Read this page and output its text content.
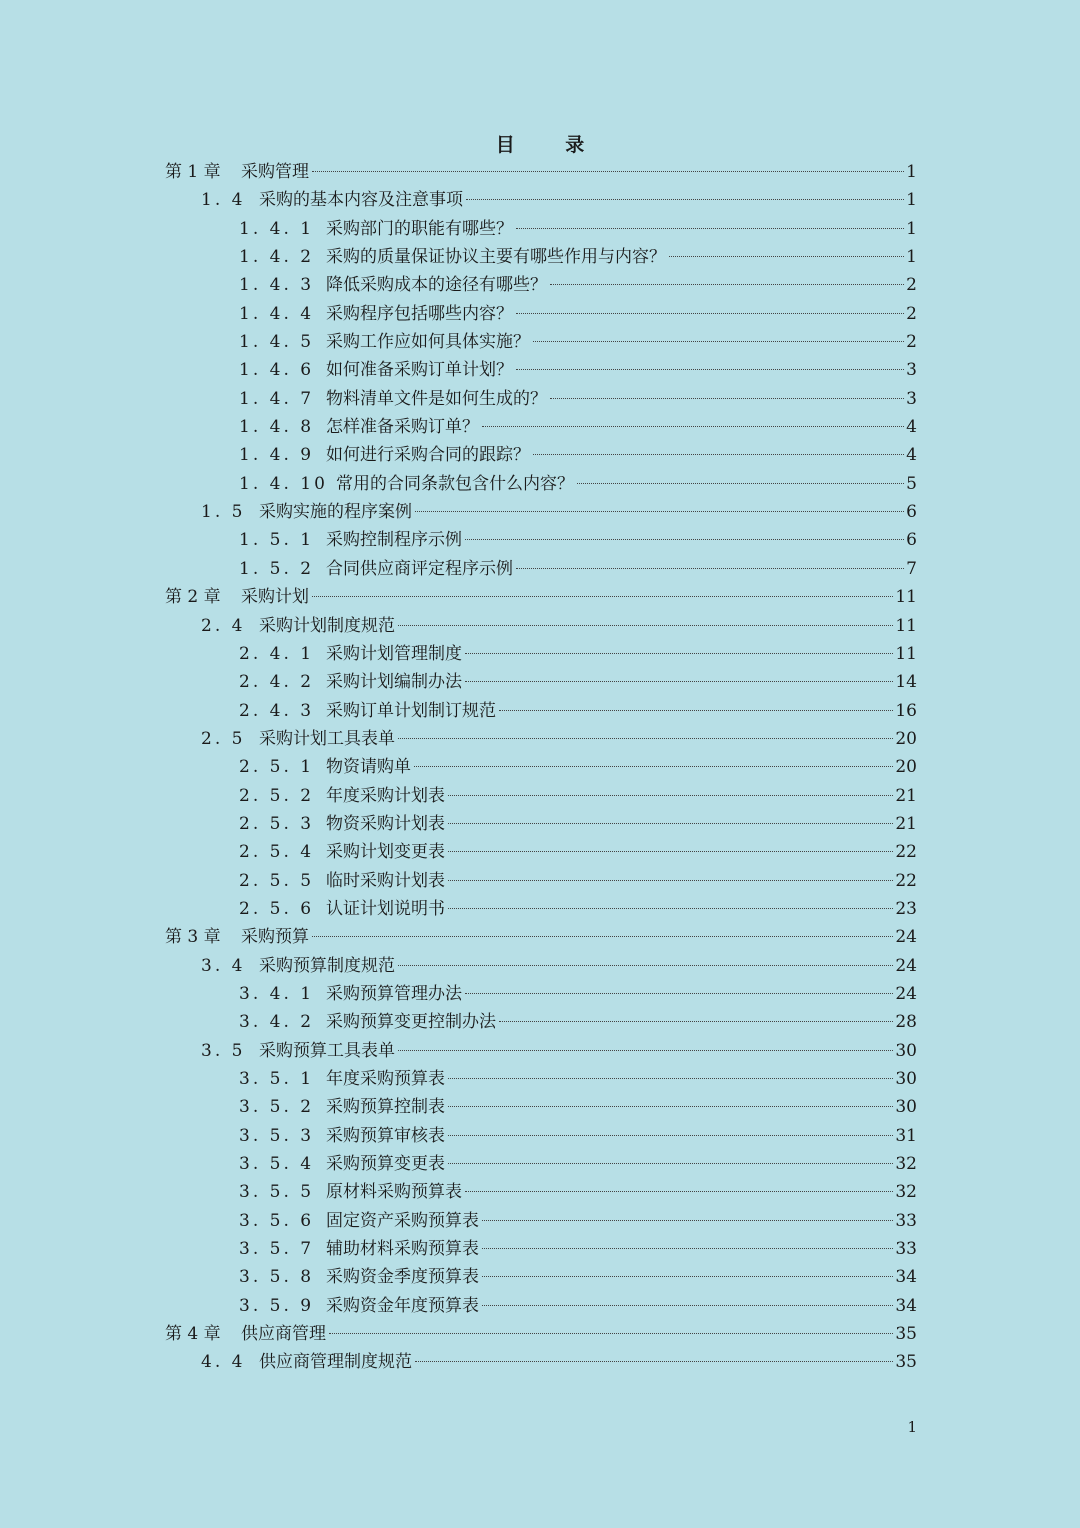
目 录
第 1 章	采购管理	1
1. 4 采购的基本内容及注意事项	1
1. 4. 1 采购部门的职能有哪些？	1
1. 4. 2 采购的质量保证协议主要有哪些作用与内容？	1
1. 4. 3 降低采购成本的途径有哪些？	2
1. 4. 4 采购程序包括哪些内容？	2
1. 4. 5 采购工作应如何具体实施？	2
1. 4. 6 如何准备采购订单计划？	3
1. 4. 7 物料清单文件是如何生成的？	3
1. 4. 8 怎样准备采购订单？	4
1. 4. 9 如何进行采购合同的跟踪？	4
1. 4. 10 常用的合同条款包含什么内容？	5
1. 5 采购实施的程序案例	6
1. 5. 1 采购控制程序示例	6
1. 5. 2 合同供应商评定程序示例	7
第 2 章	采购计划	11
2. 4 采购计划制度规范	11
2. 4. 1 采购计划管理制度	11
2. 4. 2 采购计划编制办法	14
2. 4. 3 采购订单计划制订规范	16
2. 5 采购计划工具表单	20
2. 5. 1 物资请购单	20
2. 5. 2 年度采购计划表	21
2. 5. 3 物资采购计划表	21
2. 5. 4 采购计划变更表	22
2. 5. 5 临时采购计划表	22
2. 5. 6 认证计划说明书	23
第 3 章	采购预算	24
3. 4 采购预算制度规范	24
3. 4. 1 采购预算管理办法	24
3. 4. 2 采购预算变更控制办法	28
3. 5 采购预算工具表单	30
3. 5. 1 年度采购预算表	30
3. 5. 2 采购预算控制表	30
3. 5. 3 采购预算审核表	31
3. 5. 4 采购预算变更表	32
3. 5. 5 原材料采购预算表	32
3. 5. 6 固定资产采购预算表	33
3. 5. 7 辅助材料采购预算表	33
3. 5. 8 采购资金季度预算表	34
3. 5. 9 采购资金年度预算表	34
第 4 章	供应商管理	35
4. 4 供应商管理制度规范	35
1
